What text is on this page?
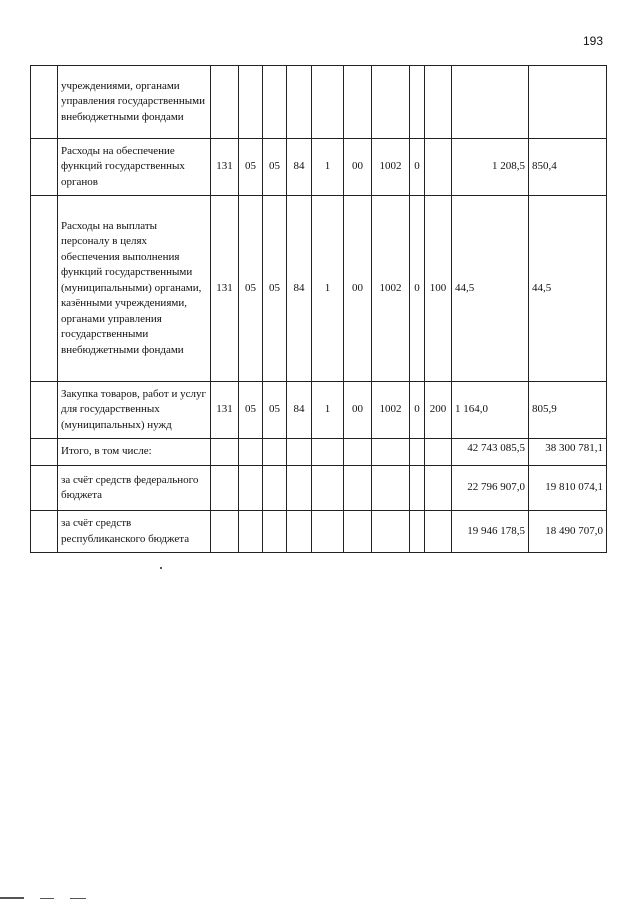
193
	учреждениями, органами управления государственными внебюджетными фондами											
	Расходы на обеспечение функций государственных органов	131	05	05	84	1	00	1002	0		1 208,5	850,4
	Расходы на выплаты персоналу в целях обеспечения выполнения функций государственными (муниципальными) органами, казёнными учреждениями, органами управления государственными внебюджетными фондами	131	05	05	84	1	00	1002	0	100	44,5	44,5
	Закупка товаров, работ и услуг для государственных (муниципальных) нужд	131	05	05	84	1	00	1002	0	200	1 164,0	805,9
	Итого, в том числе:										42 743 085,5	38 300 781,1
	за счёт средств федерального бюджета										22 796 907,0	19 810 074,1
	за счёт средств республиканского бюджета										19 946 178,5	18 490 707,0
